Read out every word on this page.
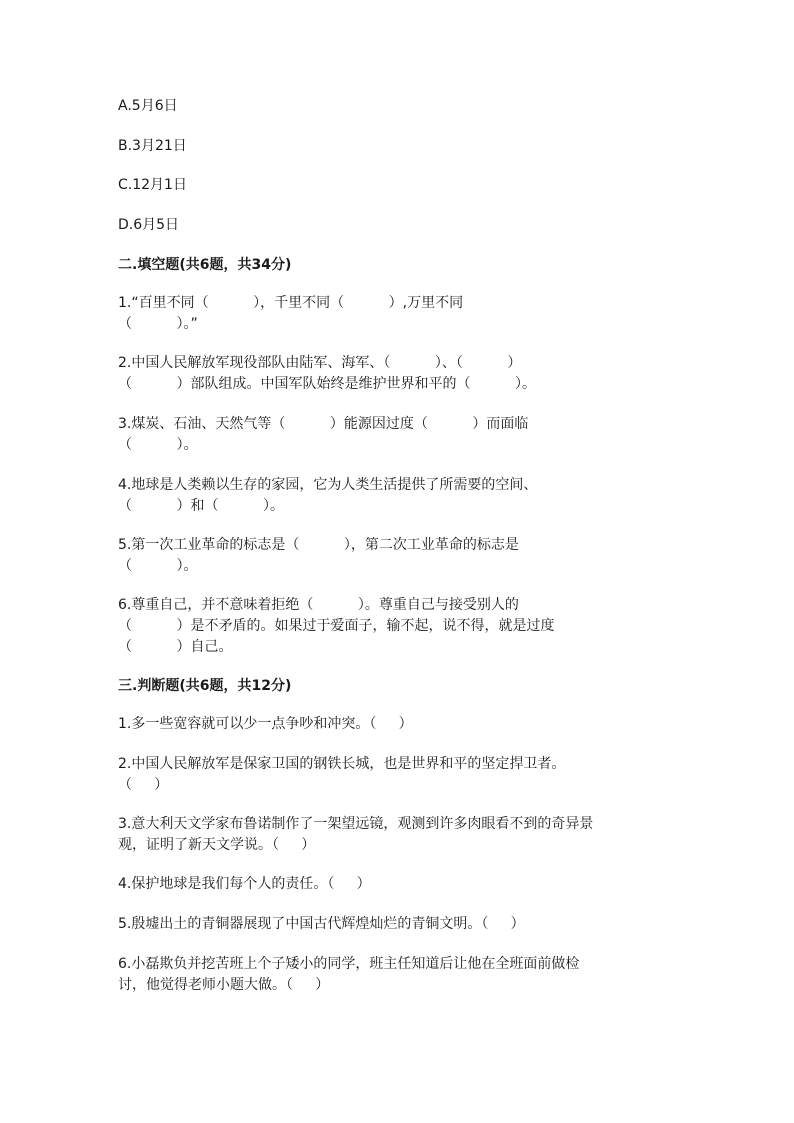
A.5月6日
B.3月21日
C.12月1日
D.6月5日
二.填空题(共6题，共34分)
1.“百里不同（          ），千里不同（          ）,万里不同
（          ）。”
2.中国人民解放军现役部队由陆军、海军、（          ）、（          ）
（          ）部队组成。中国军队始终是维护世界和平的（          ）。
3.煤炭、石油、天然气等（          ）能源因过度（          ）而面临
（          ）。
4.地球是人类赖以生存的家园，它为人类生活提供了所需要的空间、
（          ）和（          ）。
5.第一次工业革命的标志是（          ），第二次工业革命的标志是
（          ）。
6.尊重自己，并不意味着拒绝（          ）。尊重自己与接受别人的
（          ）是不矛盾的。如果过于爱面子，输不起，说不得，就是过度
（          ）自己。
三.判断题(共6题，共12分)
1.多一些宽容就可以少一点争吵和冲突。（     ）
2.中国人民解放军是保家卫国的钢铁长城，也是世界和平的坚定捍卫者。
（     ）
3.意大利天文学家布鲁诺制作了一架望远镜，观测到许多肉眼看不到的奇异景
观，证明了新天文学说。（     ）
4.保护地球是我们每个人的责任。（     ）
5.殷墟出土的青铜器展现了中国古代辉煌灿烂的青铜文明。（     ）
6.小磊欺负并挖苦班上个子矮小的同学，班主任知道后让他在全班面前做检
讨，他觉得老师小题大做。（     ）
